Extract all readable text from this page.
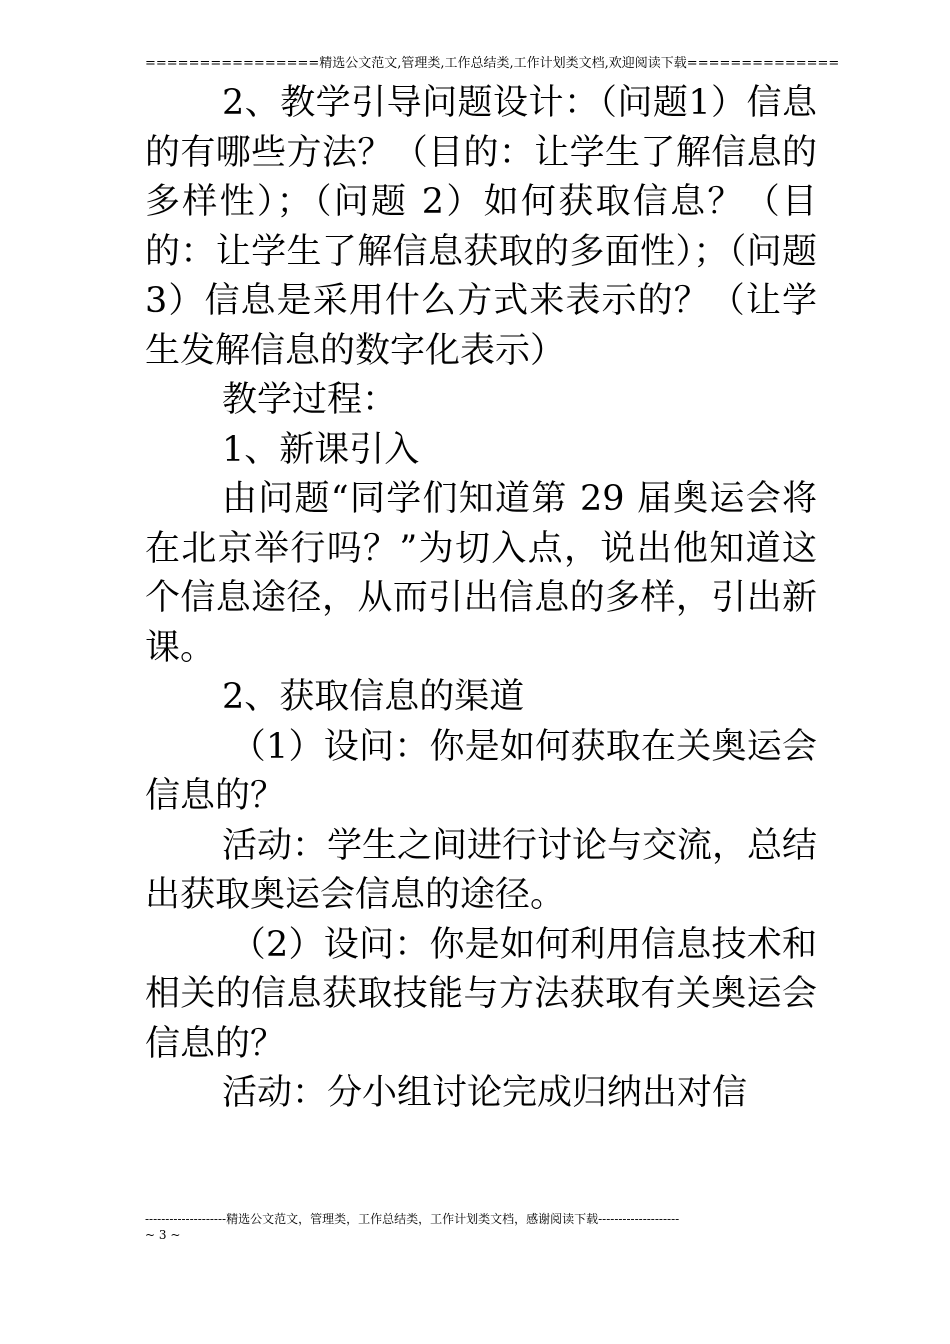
================精选公文范文,管理类,工作总结类,工作计划类文档,欢迎阅读下载==============

2、教学引导问题设计：（问题1）信息的有哪些方法？（目的：让学生了解信息的多样性）；（问题 2）如何获取信息？（目的：让学生了解信息获取的多面性）；（问题3）信息是采用什么方式来表示的？（让学生发解信息的数字化表示）

教学过程：

1、新课引入

由问题“同学们知道第 29 届奥运会将在北京举行吗？”为切入点，说出他知道这个信息途径，从而引出信息的多样，引出新课。

2、获取信息的渠道

（1）设问：你是如何获取在关奥运会信息的？

活动：学生之间进行讨论与交流，总结出获取奥运会信息的途径。

（2）设问：你是如何利用信息技术和相关的信息获取技能与方法获取有关奥运会信息的？

活动：分小组讨论完成归纳出对信

--------------------精选公文范文，管理类，工作总结类，工作计划类文档，感谢阅读下载--------------------
~ 3 ~
